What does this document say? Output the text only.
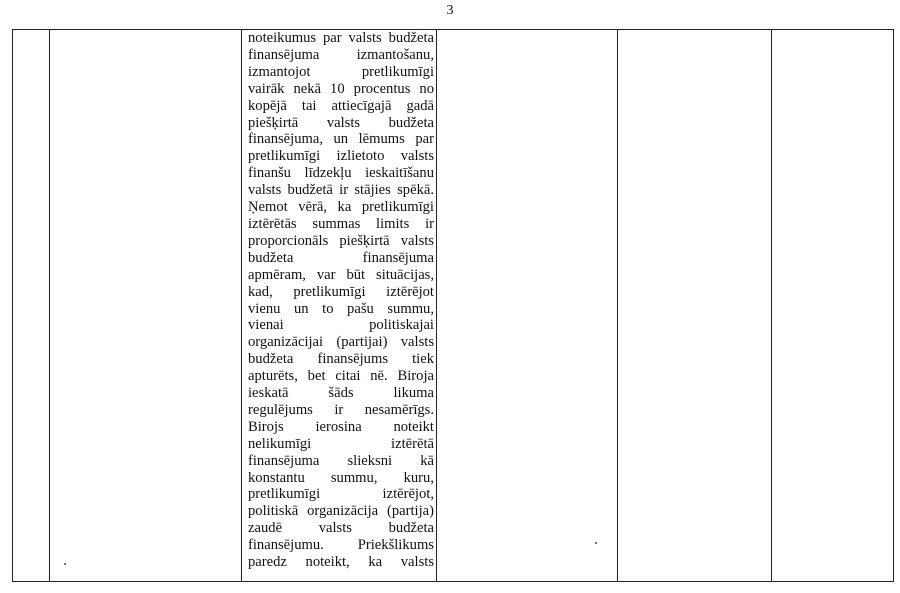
3

noteikumus par valsts budžeta
finansējuma izmantošanu,
izmantojot pretlikumīgi
vairāk nekā 10 procentus no
kopējā tai attiecīgajā gadā
piešķirtā valsts budžeta
finansējuma, un lēmums par
pretlikumīgi izlietoto valsts
finanšu līdzekļu ieskaitīšanu
valsts budžetā ir stājies spēkā.
Ņemot vērā, ka pretlikumīgi
iztērētās summas limits ir
proporcionāls piešķirtā valsts
budžeta finansējuma
apmēram, var būt situācijas,
kad, pretlikumīgi iztērējot
vienu un to pašu summu,
vienai politiskajai
organizācijai (partijai) valsts
budžeta finansējums tiek
apturēts, bet citai nē. Biroja
ieskatā šāds likuma
regulējums ir nesamērīgs.
Birojs ierosina noteikt
nelikumīgi iztērētā
finansējuma slieksni kā
konstantu summu, kuru,
pretlikumīgi iztērējot,
politiskā organizācija (partija)
zaudē valsts budžeta
finansējumu. Priekšlikums
paredz noteikt, ka valsts
